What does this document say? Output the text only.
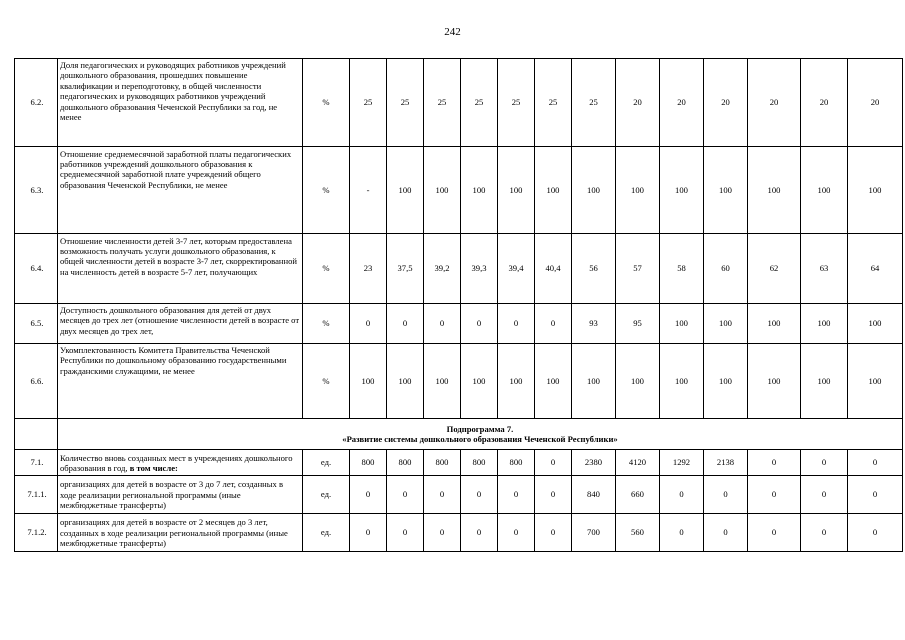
242
6.2.	Доля педагогических и руководящих работников учреждений дошкольного образования, прошедших повышение квалификации и переподготовку, в общей численности педагогических и руководящих работников учреждений дошкольного образования Чеченской Республики за год, не менее	%	25	25	25	25	25	25	25	20	20	20	20	20	20
6.3.	Отношение среднемесячной заработной платы педагогических работников учреждений дошкольного образования к среднемесячной заработной плате учреждений общего образования Чеченской Республики, не менее	%	-	100	100	100	100	100	100	100	100	100	100	100	100
6.4.	Отношение численности детей 3-7 лет, которым предоставлена возможность получать услуги дошкольного образования, к общей численности детей в возрасте 3-7 лет, скорректированной на численность детей в возрасте 5-7 лет, получающих	%	23	37,5	39,2	39,3	39,4	40,4	56	57	58	60	62	63	64
6.5.	Доступность дошкольного образования для детей от двух месяцев до трех лет (отношение численности детей в возрасте от двух месяцев до трех лет,	%	0	0	0	0	0	0	93	95	100	100	100	100	100
6.6.	Укомплектованность Комитета Правительства Чеченской Республики по дошкольному образованию государственными гражданскими служащими, не менее	%	100	100	100	100	100	100	100	100	100	100	100	100	100

	Подпрограмма 7.
«Развитие системы дошкольного образования Чеченской Республики»														

7.1.	Количество вновь созданных мест в учреждениях дошкольного образования в год, в том числе:	ед.	800	800	800	800	800	0	2380	4120	1292	2138	0	0	0
7.1.1.	организациях для детей в возрасте от 3 до 7 лет, созданных в ходе реализации региональной программы (иные межбюджетные трансферты)	ед.	0	0	0	0	0	0	840	660	0	0	0	0	0
7.1.2.	организациях для детей в возрасте от 2 месяцев до 3 лет, созданных в ходе реализации региональной программы (иные межбюджетные трансферты)	ед.	0	0	0	0	0	0	700	560	0	0	0	0	0
